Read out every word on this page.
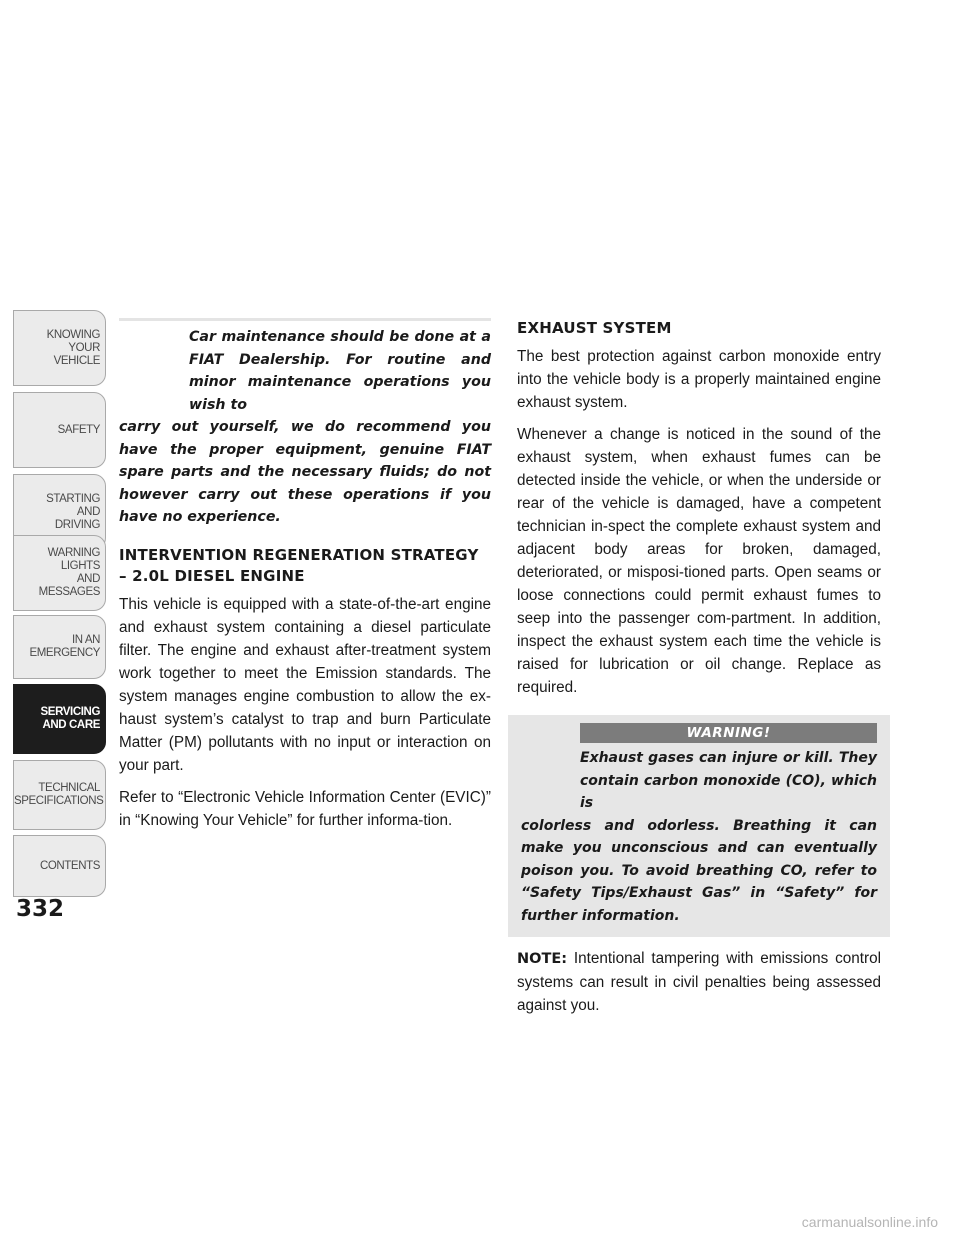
KNOWING
YOUR
VEHICLE
SAFETY
STARTING
AND
DRIVING
WARNING
LIGHTS
AND
MESSAGES
IN AN
EMERGENCY
SERVICING
AND CARE
TECHNICAL
SPECIFICATIONS
CONTENTS
332
Car maintenance should be done at a FIAT Dealership. For routine and minor maintenance operations you wish to
carry out yourself, we do recommend you have the proper equipment, genuine FIAT spare parts and the necessary fluids; do not however carry out these operations if you have no experience.
INTERVENTION REGENERATION STRATEGY – 2.0L DIESEL ENGINE

This vehicle is equipped with a state-of-the-art engine and exhaust system containing a diesel particulate filter. The engine and exhaust after-treatment system work together to meet the Emission standards. The system manages engine combustion to allow the ex-haust system’s catalyst to trap and burn Particulate Matter (PM) pollutants with no input or interaction on your part.

Refer to “Electronic Vehicle Information Center (EVIC)” in “Knowing Your Vehicle” for further informa-tion.

EXHAUST SYSTEM

The best protection against carbon monoxide entry into the vehicle body is a properly maintained engine exhaust system.

Whenever a change is noticed in the sound of the exhaust system, when exhaust fumes can be detected inside the vehicle, or when the underside or rear of the vehicle is damaged, have a competent technician in-spect the complete exhaust system and adjacent body areas for broken, damaged, deteriorated, or misposi-tioned parts. Open seams or loose connections could permit exhaust fumes to seep into the passenger com-partment. In addition, inspect the exhaust system each time the vehicle is raised for lubrication or oil change. Replace as required.

WARNING!
Exhaust gases can injure or kill. They contain carbon monoxide (CO), which is
colorless and odorless. Breathing it can make you unconscious and can eventually poison you. To avoid breathing CO, refer to “Safety Tips/Exhaust Gas” in “Safety” for further information.

NOTE: Intentional tampering with emissions control systems can result in civil penalties being assessed against you.

carmanualsonline.info
